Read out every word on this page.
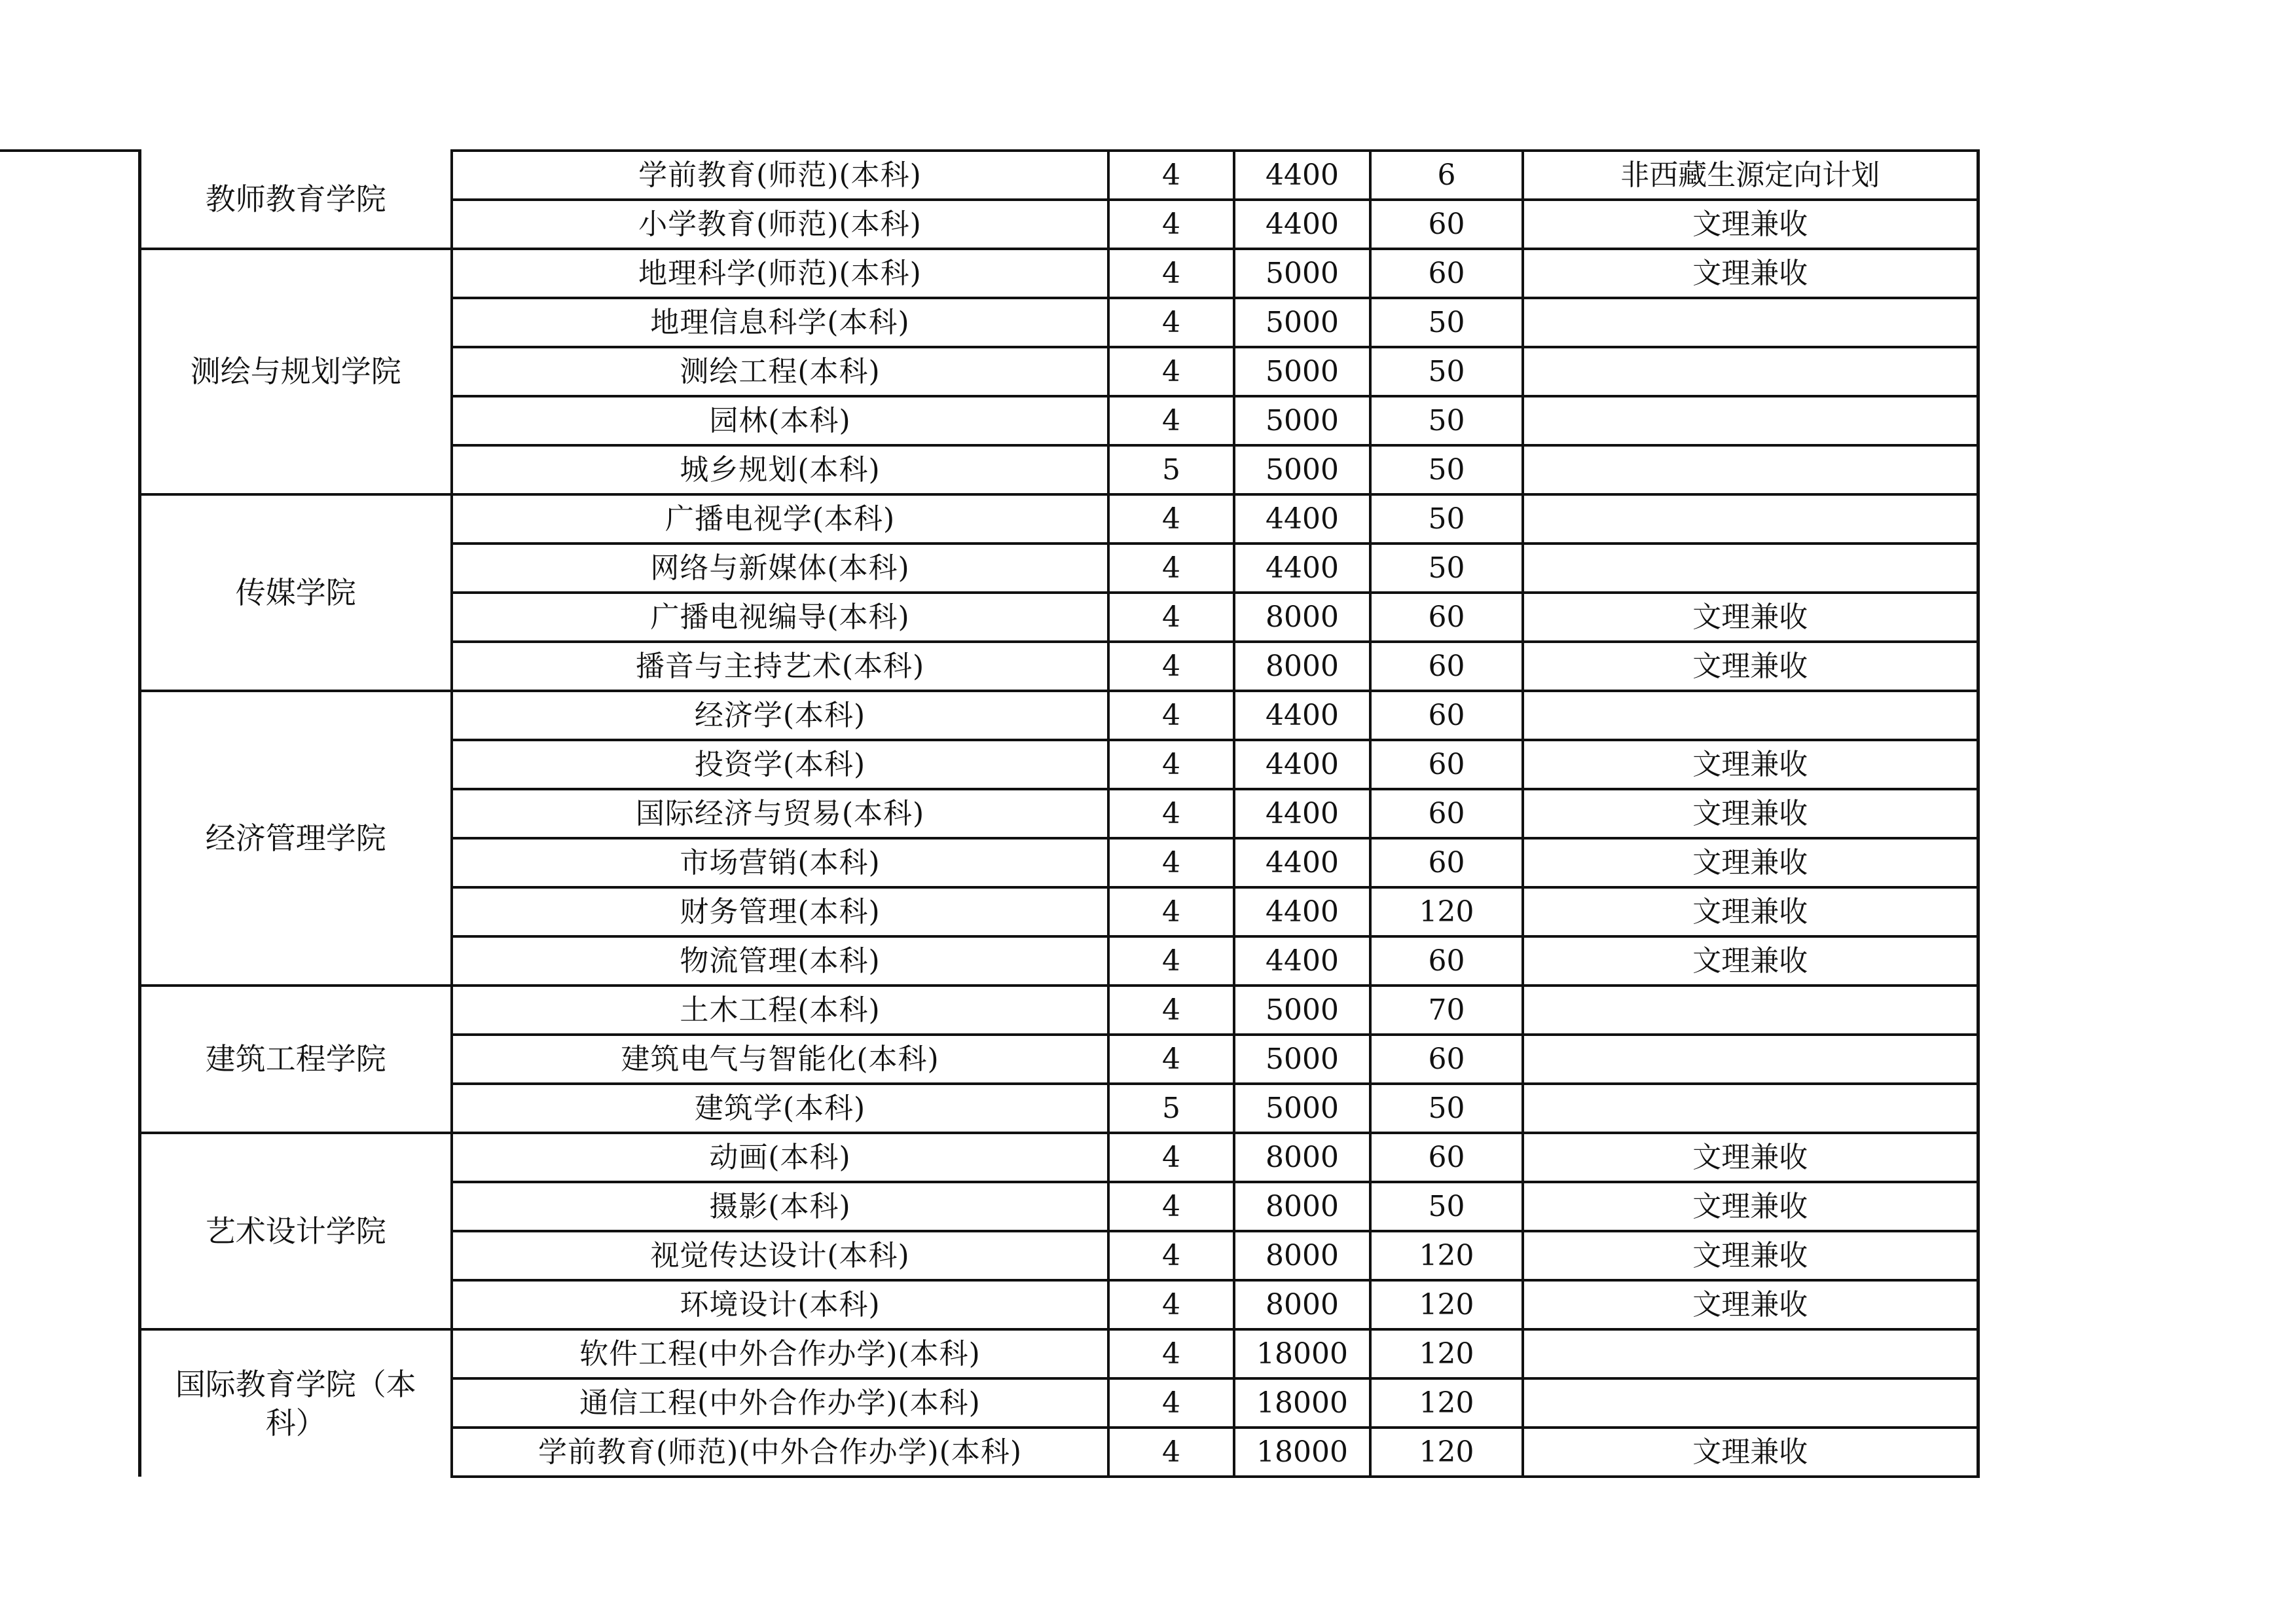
	教师教育学院	学前教育(师范)(本科)	4	4400	6	非西藏生源定向计划
		小学教育(师范)(本科)	4	4400	60	文理兼收
	测绘与规划学院	地理科学(师范)(本科)	4	5000	60	文理兼收
		地理信息科学(本科)	4	5000	50	
		测绘工程(本科)	4	5000	50	
		园林(本科)	4	5000	50	
		城乡规划(本科)	5	5000	50	
	传媒学院	广播电视学(本科)	4	4400	50	
		网络与新媒体(本科)	4	4400	50	
		广播电视编导(本科)	4	8000	60	文理兼收
		播音与主持艺术(本科)	4	8000	60	文理兼收
	经济管理学院	经济学(本科)	4	4400	60	
		投资学(本科)	4	4400	60	文理兼收
		国际经济与贸易(本科)	4	4400	60	文理兼收
		市场营销(本科)	4	4400	60	文理兼收
		财务管理(本科)	4	4400	120	文理兼收
		物流管理(本科)	4	4400	60	文理兼收
	建筑工程学院	土木工程(本科)	4	5000	70	
		建筑电气与智能化(本科)	4	5000	60	
		建筑学(本科)	5	5000	50	
	艺术设计学院	动画(本科)	4	8000	60	文理兼收
		摄影(本科)	4	8000	50	文理兼收
		视觉传达设计(本科)	4	8000	120	文理兼收
		环境设计(本科)	4	8000	120	文理兼收
	国际教育学院（本科）	软件工程(中外合作办学)(本科)	4	18000	120	
		通信工程(中外合作办学)(本科)	4	18000	120	
		学前教育(师范)(中外合作办学)(本科)	4	18000	120	文理兼收
